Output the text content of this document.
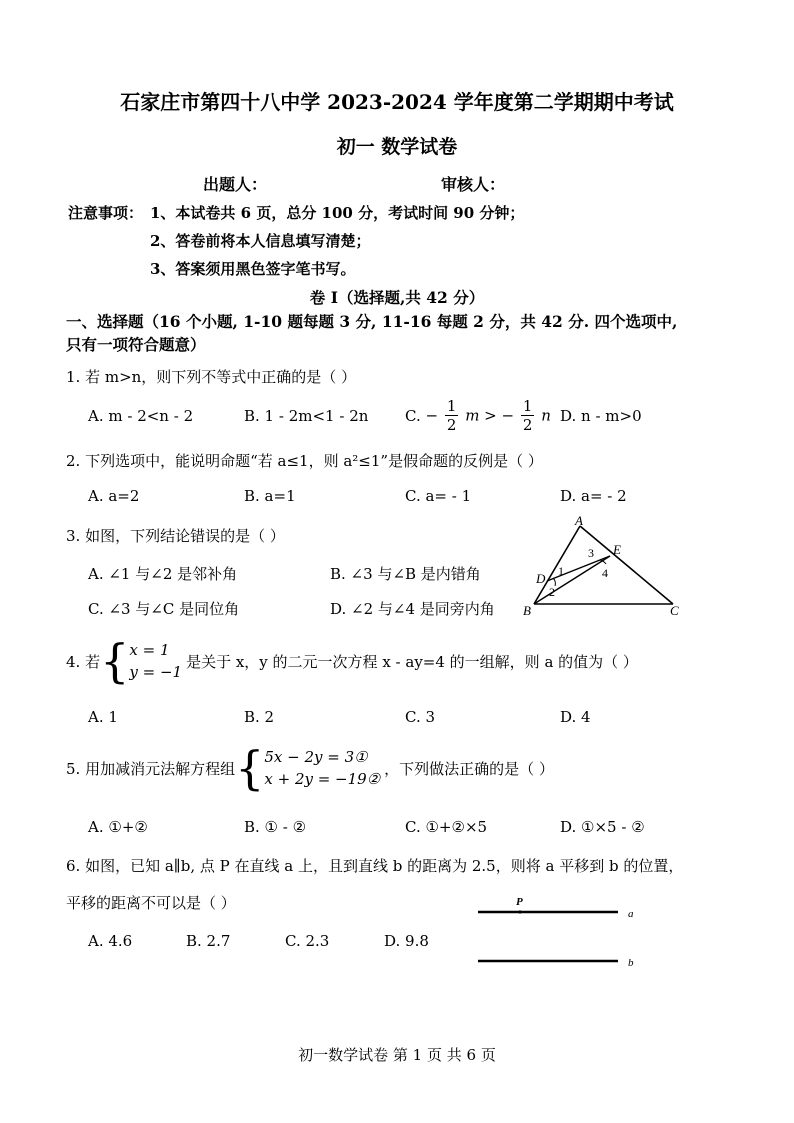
石家庄市第四十八中学 2023-2024 学年度第二学期期中考试
初一 数学试卷
出题人：	审核人：
注意事项： 1、本试卷共 6 页，总分 100 分，考试时间 90 分钟；
2、答卷前将本人信息填写清楚；
3、答案须用黑色签字笔书写。
卷 Ⅰ（选择题,共 42 分）
一、选择题（16 个小题, 1-10 题每题 3 分, 11-16 每题 2 分，共 42 分. 四个选项中,
只有一项符合题意）
1. 若 m>n，则下列不等式中正确的是（ ）
A. m - 2<n - 2	B. 1 - 2m<1 - 2n C. − $\frac{1}{2}$ m > − $\frac{1}{2}$ n D. n - m>0
2. 下列选项中，能说明命题“若 a≤1，则 a²≤1”是假命题的反例是（ ）
A. a=2	B. a=1	C. a= - 1	D. a= - 2
3. 如图，下列结论错误的是（ ）
A. ∠1 与∠2 是邻补角	B. ∠3 与∠B 是内错角
C. ∠3 与∠C 是同位角	D. ∠2 与∠4 是同旁内角
A
B	C
D
E
1
2
3
4
4. 若 { x = 1
y = −1
是关于 x，y 的二元一次方程 x - ay=4 的一组解，则 a 的值为（ ）
A. 1	B. 2	C. 3	D. 4
5. 用加减消元法解方程组 { 5x − 2y = 3①
x + 2y = −19②
，下列做法正确的是（ ）
A. ①+②	B. ① - ②	C. ①+②×5	D. ①×5 - ②
6. 如图，已知 a∥b, 点 P 在直线 a 上，且到直线 b 的距离为 2.5，则将 a 平移到 b 的位置，
平移的距离不可以是（ ）
A. 4.6	B. 2.7	C. 2.3	D. 9.8
P
a
b
初一数学试卷 第 1 页 共 6 页
